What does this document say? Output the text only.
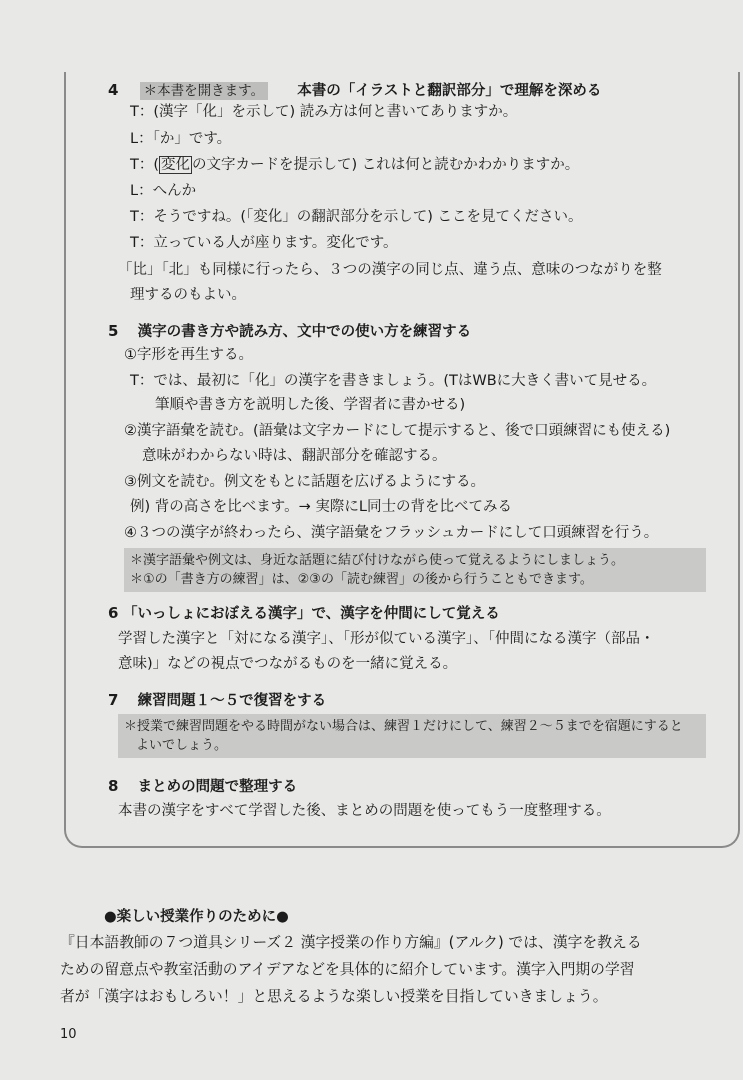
4 ＊本書を開きます。 本書の「イラストと翻訳部分」で理解を深める
T：(漢字「化」を示して) 読み方は何と書いてありますか。
L：「か」です。
T：( 変化 の文字カードを提示して) これは何と読むかわかりますか。
L：へんか
T：そうですね。(「変化」の翻訳部分を示して) ここを見てください。
T：立っている人が座ります。変化です。
「比」「北」も同様に行ったら、３つの漢字の同じ点、違う点、意味のつながりを整
理するのもよい。
5 漢字の書き方や読み方、文中での使い方を練習する
①字形を再生する。
T：では、最初に「化」の漢字を書きましょう。(TはWBに大きく書いて見せる。
筆順や書き方を説明した後、学習者に書かせる)
②漢字語彙を読む。(語彙は文字カードにして提示すると、後で口頭練習にも使える)
意味がわからない時は、翻訳部分を確認する。
③例文を読む。例文をもとに話題を広げるようにする。
例) 背の高さを比べます。→ 実際にL同士の背を比べてみる
④３つの漢字が終わったら、漢字語彙をフラッシュカードにして口頭練習を行う。
＊漢字語彙や例文は、身近な話題に結び付けながら使って覚えるようにしましょう。
＊①の「書き方の練習」は、②③の「読む練習」の後から行うこともできます。
6 「いっしょにおぼえる漢字」で、漢字を仲間にして覚える
学習した漢字と「対になる漢字」、「形が似ている漢字」、「仲間になる漢字（部品・
意味)」などの視点でつながるものを一緒に覚える。
7 練習問題１～５で復習をする
＊授業で練習問題をやる時間がない場合は、練習１だけにして、練習２～５までを宿題にすると
よいでしょう。
8 まとめの問題で整理する
本書の漢字をすべて学習した後、まとめの問題を使ってもう一度整理する。
●楽しい授業作りのために●
『日本語教師の７つ道具シリーズ２ 漢字授業の作り方編』(アルク) では、漢字を教える
ための留意点や教室活動のアイデアなどを具体的に紹介しています。漢字入門期の学習
者が「漢字はおもしろい！」と思えるような楽しい授業を目指していきましょう。
10
